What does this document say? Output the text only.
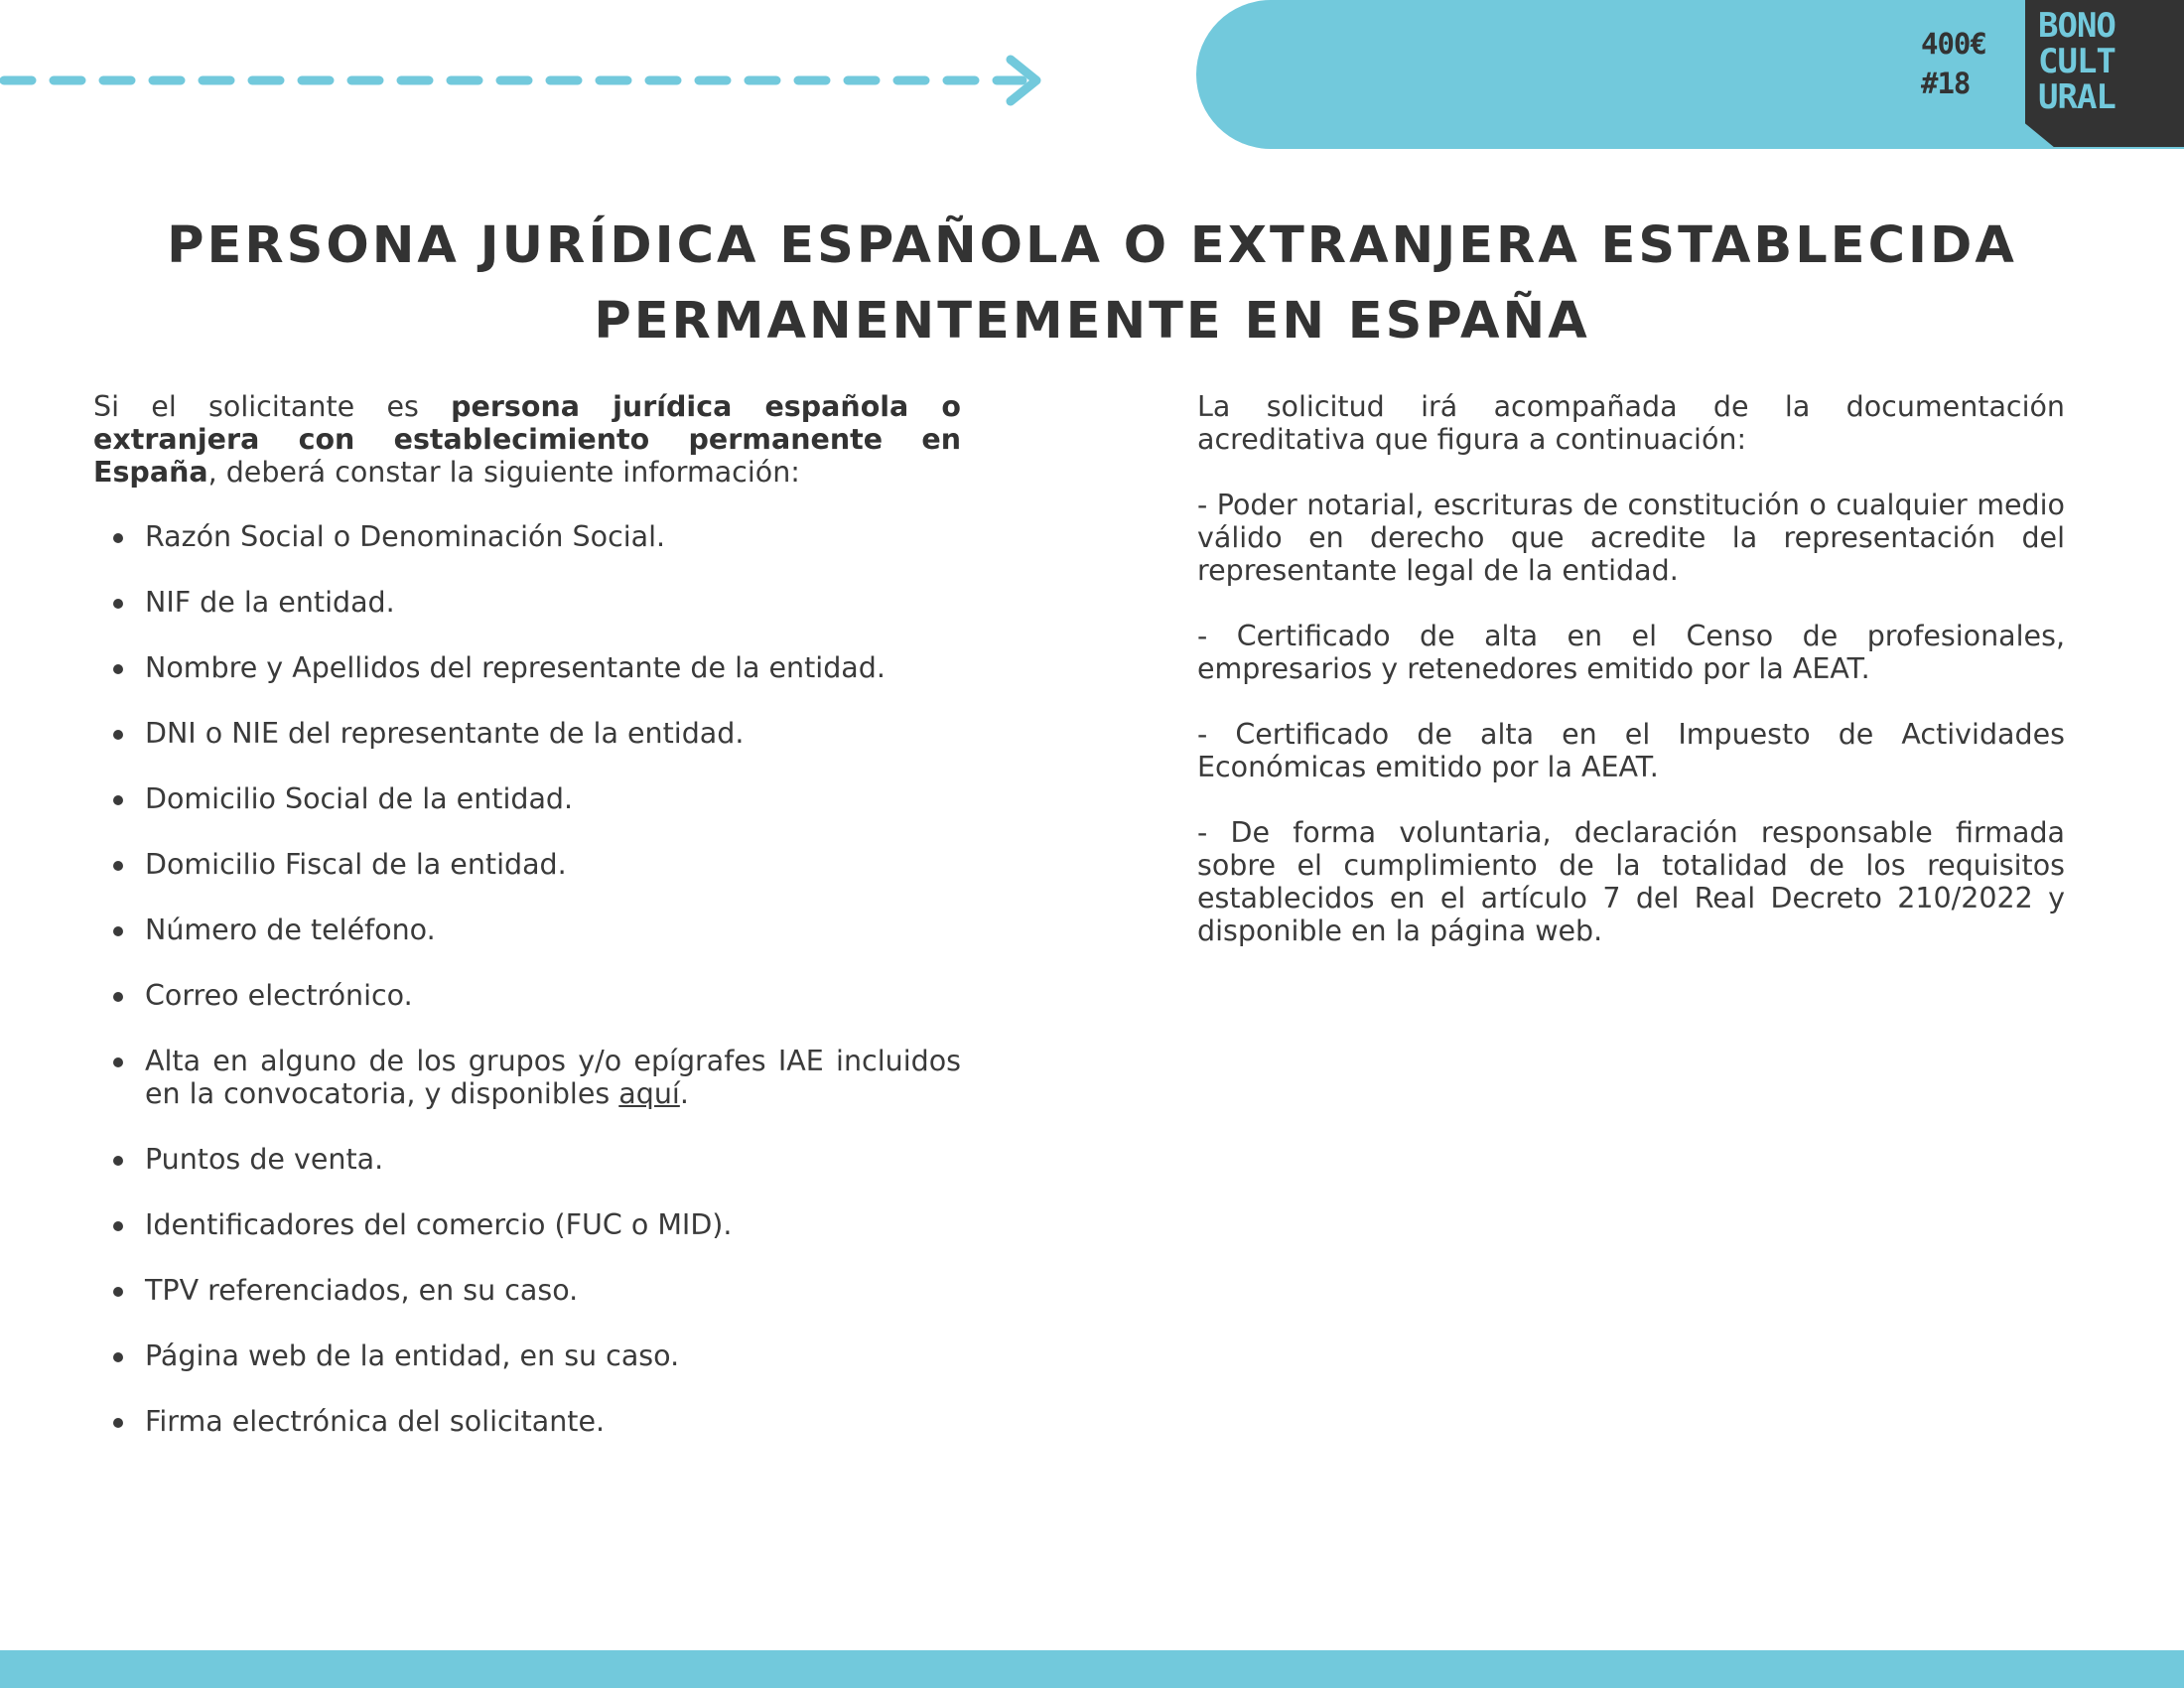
400€
#18
BONO
CULT
URAL
PERSONA JURÍDICA ESPAÑOLA O EXTRANJERA ESTABLECIDA
PERMANENTEMENTE EN ESPAÑA

Si el solicitante es persona jurídica española o extranjera con establecimiento permanente en España, deberá constar la siguiente información:

Razón Social o Denominación Social.
NIF de la entidad.
Nombre y Apellidos del representante de la entidad.
DNI o NIE del representante de la entidad.
Domicilio Social de la entidad.
Domicilio Fiscal de la entidad.
Número de teléfono.
Correo electrónico.
Alta en alguno de los grupos y/o epígrafes IAE incluidos en la convocatoria, y disponibles aquí.
Puntos de venta.
Identificadores del comercio (FUC o MID).
TPV referenciados, en su caso.
Página web de la entidad, en su caso.
Firma electrónica del solicitante.

La solicitud irá acompañada de la documentación acreditativa que figura a continuación:

- Poder notarial, escrituras de constitución o cualquier medio válido en derecho que acredite la representación del representante legal de la entidad.

- Certificado de alta en el Censo de profesionales, empresarios y retenedores emitido por la AEAT.

- Certificado de alta en el Impuesto de Actividades Económicas emitido por la AEAT.

- De forma voluntaria, declaración responsable firmada sobre el cumplimiento de la totalidad de los requisitos establecidos en el artículo 7 del Real Decreto 210/2022 y disponible en la página web.
